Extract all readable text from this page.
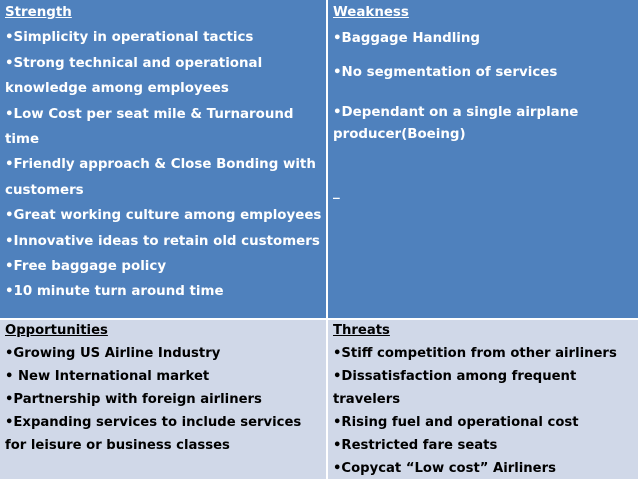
Strength
•Simplicity in operational tactics
•Strong technical and operational knowledge among employees
•Low Cost per seat mile & Turnaround time
•Friendly approach & Close Bonding with customers
•Great working culture among employees
•Innovative ideas to retain old customers
•Free baggage policy
•10 minute turn around time
Weakness
•Baggage Handling
•No segmentation of services
•Dependant on a single airplane producer(Boeing)
_
Opportunities
•Growing US Airline Industry
• New International market
•Partnership with foreign airliners
•Expanding services to include services for leisure or business classes
Threats
•Stiff competition from other airliners
•Dissatisfaction among frequent travelers
•Rising fuel and operational cost
•Restricted fare seats
•Copycat “Low cost” Airliners
